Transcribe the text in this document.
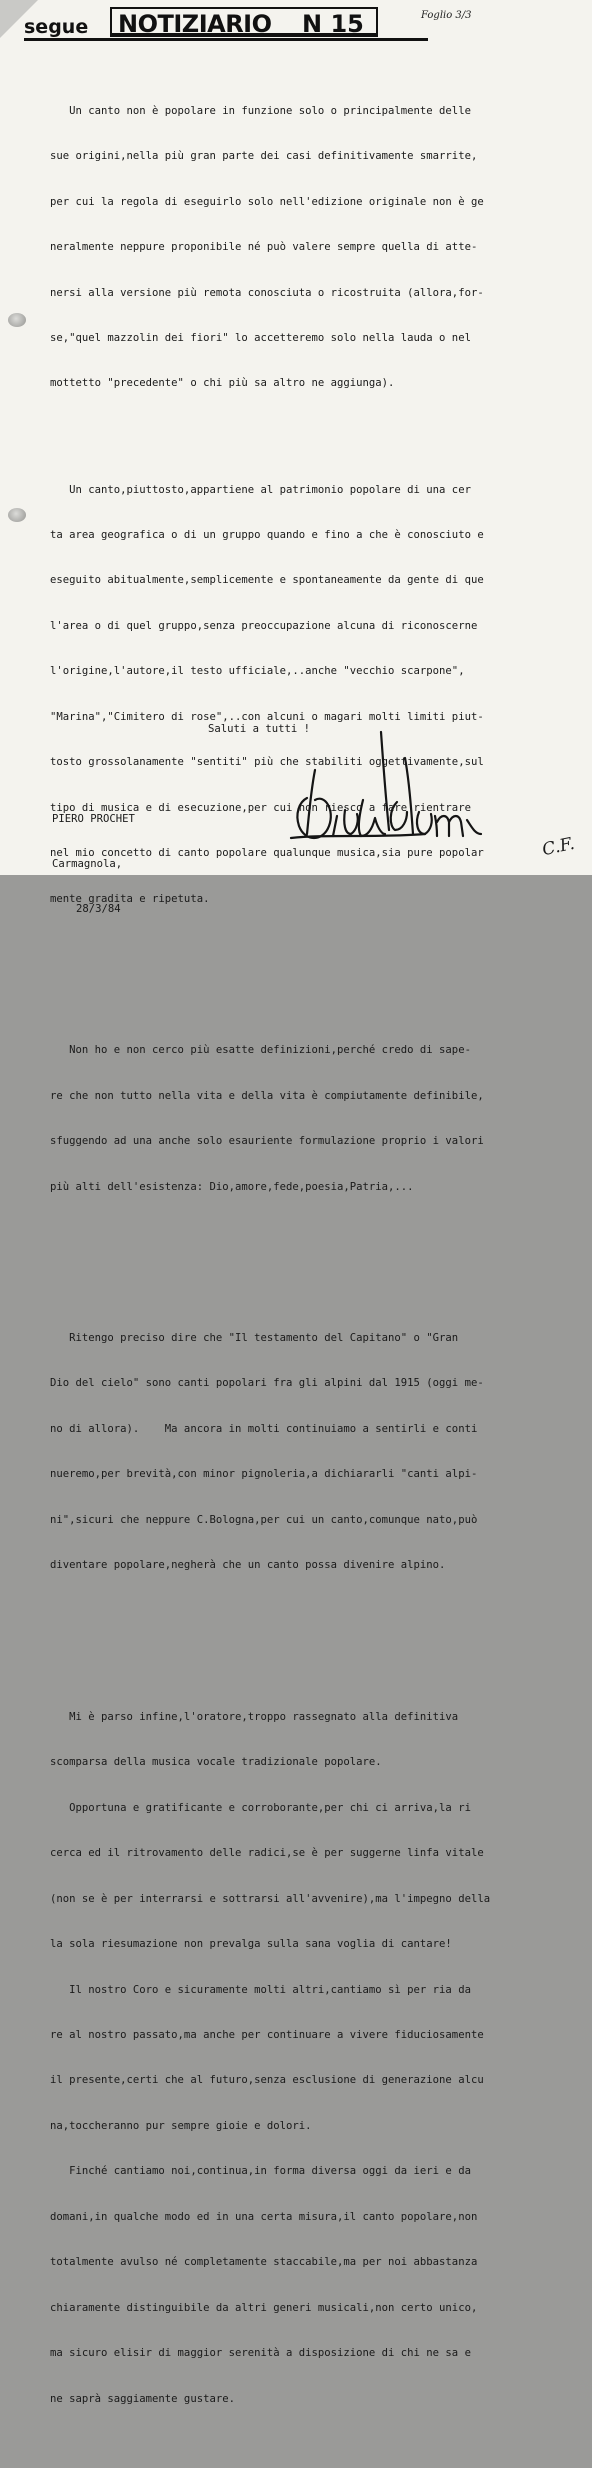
segue NOTIZIARIO N 15	Foglio 3/3

Un canto non è popolare in funzione solo o principalmente delle

sue origini,nella più gran parte dei casi definitivamente smarrite,

per cui la regola di eseguirlo solo nell'edizione originale non è ge

neralmente neppure proponibile né può valere sempre quella di atte-

nersi alla versione più remota conosciuta o ricostruita (allora,for-

se,"quel mazzolin dei fiori" lo accetteremo solo nella lauda o nel

mottetto "precedente" o chi più sa altro ne aggiunga).

Un canto,piuttosto,appartiene al patrimonio popolare di una cer

ta area geografica o di un gruppo quando e fino a che è conosciuto e

eseguito abitualmente,semplicemente e spontaneamente da gente di que

l'area o di quel gruppo,senza preoccupazione alcuna di riconoscerne

l'origine,l'autore,il testo ufficiale,..anche "vecchio scarpone",

"Marina","Cimitero di rose",..con alcuni o magari molti limiti piut-

tosto grossolanamente "sentiti" più che stabiliti oggettivamente,sul

tipo di musica e di esecuzione,per cui non riesco a fare rientrare

nel mio concetto di canto popolare qualunque musica,sia pure popolar

mente gradita e ripetuta.

Non ho e non cerco più esatte definizioni,perché credo di sape-

re che non tutto nella vita e della vita è compiutamente definibile,

sfuggendo ad una anche solo esauriente formulazione proprio i valori

più alti dell'esistenza: Dio,amore,fede,poesia,Patria,...

Ritengo preciso dire che "Il testamento del Capitano" o "Gran

Dio del cielo" sono canti popolari fra gli alpini dal 1915 (oggi me-

no di allora).    Ma ancora in molti continuiamo a sentirli e conti

nueremo,per brevità,con minor pignoleria,a dichiararli "canti alpi-

ni",sicuri che neppure C.Bologna,per cui un canto,comunque nato,può

diventare popolare,negherà che un canto possa divenire alpino.

Mi è parso infine,l'oratore,troppo rassegnato alla definitiva

scomparsa della musica vocale tradizionale popolare.

Opportuna e gratificante e corroborante,per chi ci arriva,la ri

cerca ed il ritrovamento delle radici,se è per suggerne linfa vitale

(non se è per interrarsi e sottrarsi all'avvenire),ma l'impegno della

la sola riesumazione non prevalga sulla sana voglia di cantare!

Il nostro Coro e sicuramente molti altri,cantiamo sì per ria da

re al nostro passato,ma anche per continuare a vivere fiduciosamente

il presente,certi che al futuro,senza esclusione di generazione alcu

na,toccheranno pur sempre gioie e dolori.

Finché cantiamo noi,continua,in forma diversa oggi da ieri e da

domani,in qualche modo ed in una certa misura,il canto popolare,non

totalmente avulso né completamente staccabile,ma per noi abbastanza

chiaramente distinguibile da altri generi musicali,non certo unico,

ma sicuro elisir di maggior serenità a disposizione di chi ne sa e

ne saprà saggiamente gustare.

Saluti a tutti !

PIERO PROCHET

Carmagnola,

28/3/84

C.F.
